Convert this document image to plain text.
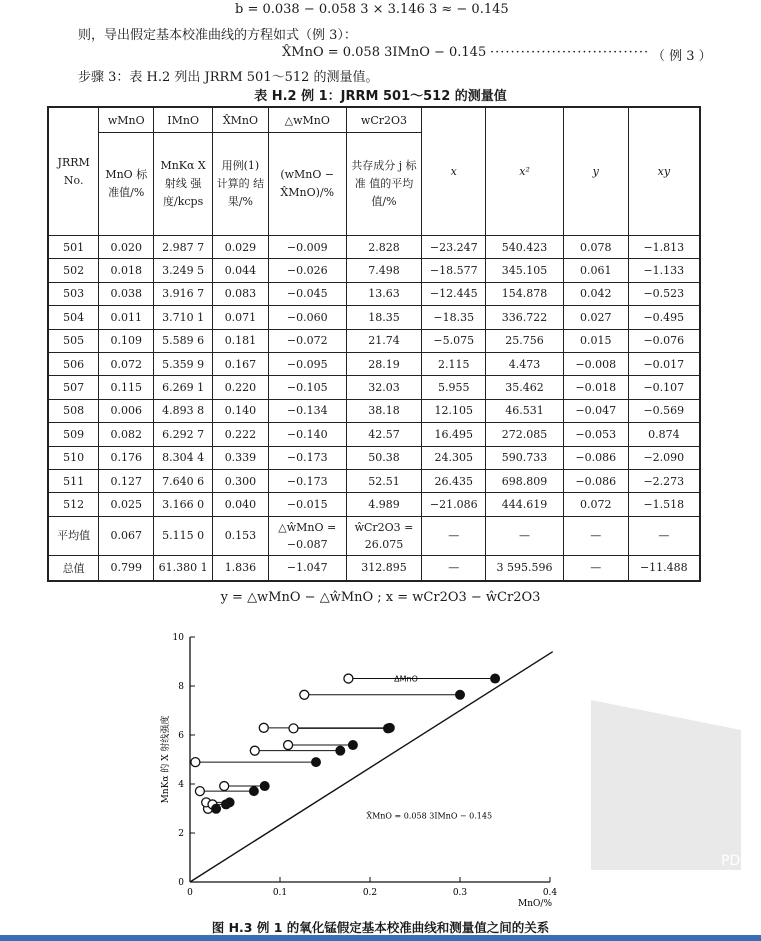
b = 0.038 − 0.058 3 × 3.146 3 ≈ − 0.145
则，导出假定基本校准曲线的方程如式（例 3）：
X̂MnO = 0.058 3IMnO − 0.145 ······························· （ 例 3 ）
步骤 3：表 H.2 列出 JRRM 501～512 的测量值。
表 H.2 例 1：JRRM 501～512 的测量值
JRRM No.	wMnO	IMnO	X̂MnO	△wMnO	wCr2O3	x	x²	y	xy
	MnO 标准值/%	MnKα X射线 强度/kcps	用例(1) 计算的 结果/%	(wMnO − X̂MnO)/%	共存成分 j 标准 值的平均 值/%				
501	0.020	2.987 7	0.029	−0.009	2.828	−23.247	540.423	0.078	−1.813
502	0.018	3.249 5	0.044	−0.026	7.498	−18.577	345.105	0.061	−1.133
503	0.038	3.916 7	0.083	−0.045	13.63	−12.445	154.878	0.042	−0.523
504	0.011	3.710 1	0.071	−0.060	18.35	−18.35	336.722	0.027	−0.495
505	0.109	5.589 6	0.181	−0.072	21.74	−5.075	25.756	0.015	−0.076
506	0.072	5.359 9	0.167	−0.095	28.19	2.115	4.473	−0.008	−0.017
507	0.115	6.269 1	0.220	−0.105	32.03	5.955	35.462	−0.018	−0.107
508	0.006	4.893 8	0.140	−0.134	38.18	12.105	46.531	−0.047	−0.569
509	0.082	6.292 7	0.222	−0.140	42.57	16.495	272.085	−0.053	0.874
510	0.176	8.304 4	0.339	−0.173	50.38	24.305	590.733	−0.086	−2.090
511	0.127	7.640 6	0.300	−0.173	52.51	26.435	698.809	−0.086	−2.273
512	0.025	3.166 0	0.040	−0.015	4.989	−21.086	444.619	0.072	−1.518
平均值	0.067	5.115 0	0.153	△ŵMnO = −0.087	ŵCr2O3 = 26.075	—	—	—	—
总值	0.799	61.380 1	1.836	−1.047	312.895	—	3 595.596	—	−11.488
y = △wMnO − △ŵMnO ; x = wCr2O3 − ŵCr2O3
0	0.1	0.2	0.3	0.4
0
2
4
6
8
10
MnO/%
MnKα 的 X 射线强度
ΔMnO
X̂MnO = 0.058 3IMnO − 0.145
图 H.3 例 1 的氧化锰假定基本校准曲线和测量值之间的关系
PDG
